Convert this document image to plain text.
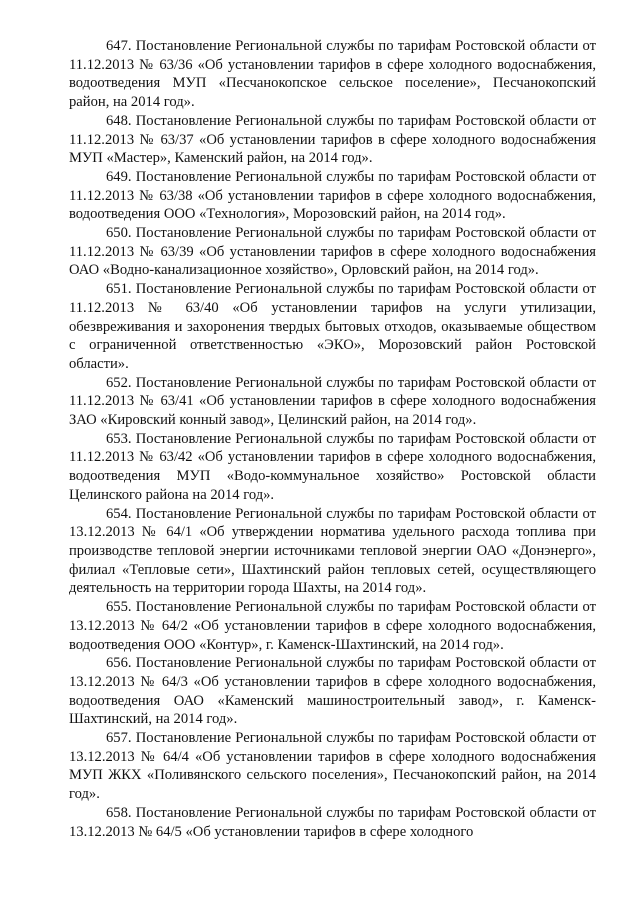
647. Постановление Региональной службы по тарифам Ростовской области от 11.12.2013 № 63/36 «Об установлении тарифов в сфере холодного водоснабжения, водоотведения МУП «Песчанокопское сельское поселение», Песчанокопский район, на 2014 год».

648. Постановление Региональной службы по тарифам Ростовской области от 11.12.2013 № 63/37 «Об установлении тарифов в сфере холодного водоснабжения МУП «Мастер», Каменский район, на 2014 год».

649. Постановление Региональной службы по тарифам Ростовской области от 11.12.2013 № 63/38 «Об установлении тарифов в сфере холодного водоснабжения, водоотведения ООО «Технология», Морозовский район, на 2014 год».

650. Постановление Региональной службы по тарифам Ростовской области от 11.12.2013 № 63/39 «Об установлении тарифов в сфере холодного водоснабжения ОАО «Водно-канализационное хозяйство», Орловский район, на 2014 год».

651. Постановление Региональной службы по тарифам Ростовской области от 11.12.2013 № 63/40 «Об установлении тарифов на услуги утилизации, обезвреживания и захоронения твердых бытовых отходов, оказываемые обществом с ограниченной ответственностью «ЭКО», Морозовский район Ростовской области».

652. Постановление Региональной службы по тарифам Ростовской области от 11.12.2013 № 63/41 «Об установлении тарифов в сфере холодного водоснабжения ЗАО «Кировский конный завод», Целинский район, на 2014 год».

653. Постановление Региональной службы по тарифам Ростовской области от 11.12.2013 № 63/42 «Об установлении тарифов в сфере холодного водоснабжения, водоотведения МУП «Водо-коммунальное хозяйство» Ростовской области Целинского района на 2014 год».

654. Постановление Региональной службы по тарифам Ростовской области от 13.12.2013 № 64/1 «Об утверждении норматива удельного расхода топлива при производстве тепловой энергии источниками тепловой энергии ОАО «Донэнерго», филиал «Тепловые сети», Шахтинский район тепловых сетей, осуществляющего деятельность на территории города Шахты, на 2014 год».

655. Постановление Региональной службы по тарифам Ростовской области от 13.12.2013 № 64/2 «Об установлении тарифов в сфере холодного водоснабжения, водоотведения ООО «Контур», г. Каменск-Шахтинский, на 2014 год».

656. Постановление Региональной службы по тарифам Ростовской области от 13.12.2013 № 64/3 «Об установлении тарифов в сфере холодного водоснабжения, водоотведения ОАО «Каменский машиностроительный завод», г. Каменск-Шахтинский, на 2014 год».

657. Постановление Региональной службы по тарифам Ростовской области от 13.12.2013 № 64/4 «Об установлении тарифов в сфере холодного водоснабжения МУП ЖКХ «Поливянского сельского поселения», Песчанокопский район, на 2014 год».

658. Постановление Региональной службы по тарифам Ростовской области от 13.12.2013 № 64/5 «Об установлении тарифов в сфере холодного
